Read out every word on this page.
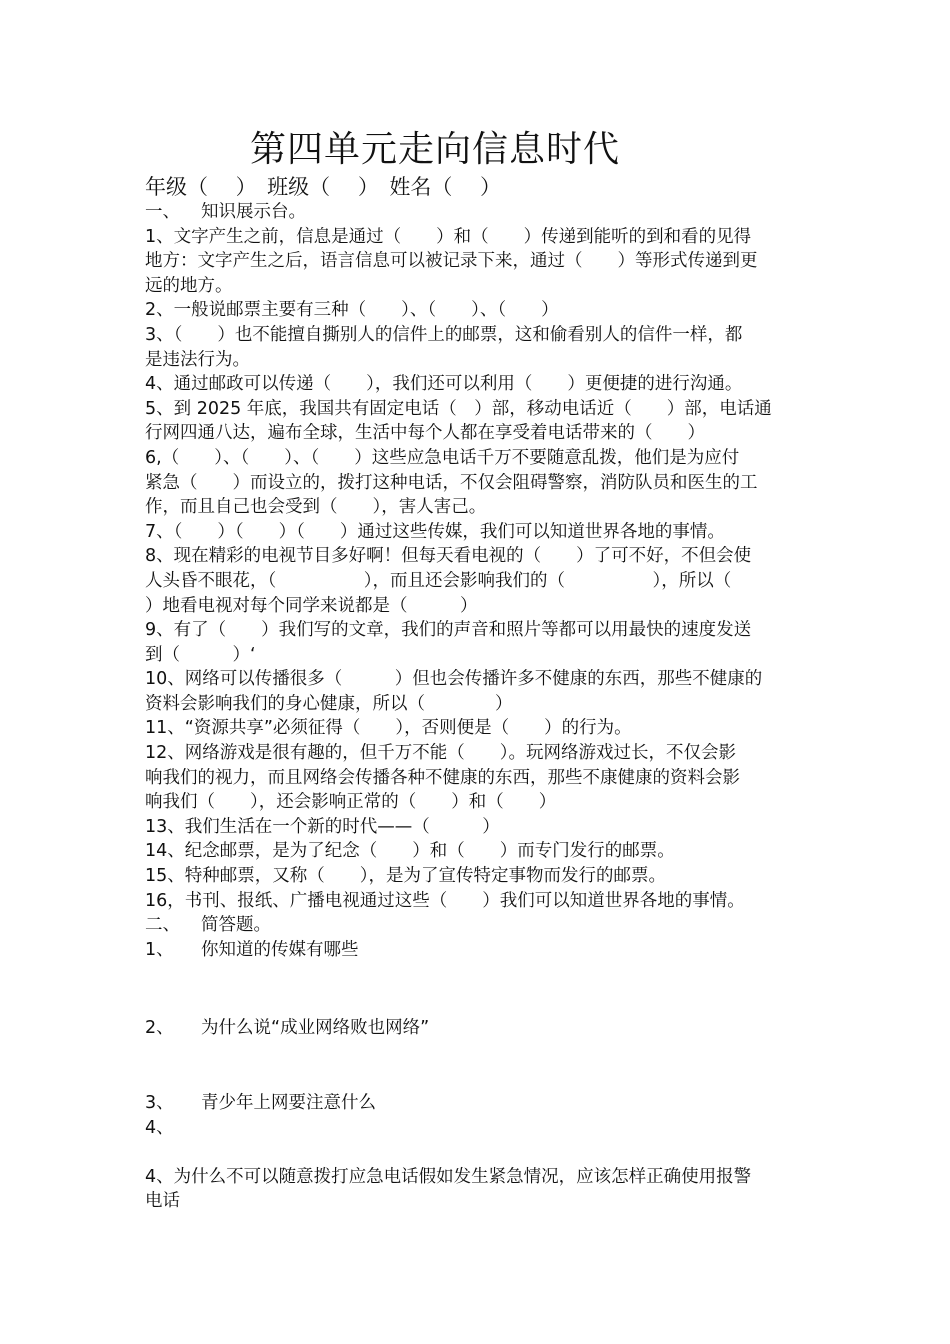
第四单元走向信息时代
年级（　 ）　班级（　 ）　姓名（　 ）
一、 知识展示台。
1、文字产生之前，信息是通过（　　）和（　　）传递到能听的到和看的见得
地方：文字产生之后，语言信息可以被记录下来，通过（　　）等形式传递到更
远的地方。
2、一般说邮票主要有三种（　　）、（　　）、（　　）
3、（　　）也不能擅自撕别人的信件上的邮票，这和偷看别人的信件一样，都
是违法行为。
4、通过邮政可以传递（　　），我们还可以利用（　　）更便捷的进行沟通。
5、到 2025 年底，我国共有固定电话（　）部，移动电话近（　　）部，电话通
行网四通八达，遍布全球，生活中每个人都在享受着电话带来的（　　）
6,（　　）、（　　）、（　　）这些应急电话千万不要随意乱拨，他们是为应付
紧急（　　）而设立的，拨打这种电话，不仅会阻碍警察，消防队员和医生的工
作，而且自己也会受到（　　），害人害己。
7、（　　）（　　）（　　）通过这些传媒，我们可以知道世界各地的事情。
8、现在精彩的电视节目多好啊！但每天看电视的（　　）了可不好，不但会使
人头昏不眼花，（　　　　　），而且还会影响我们的（　　　　　），所以（
）地看电视对每个同学来说都是（　　　）
9、有了（　　）我们写的文章，我们的声音和照片等都可以用最快的速度发送
到（　　　）‘
10、网络可以传播很多（　　　）但也会传播许多不健康的东西，那些不健康的
资料会影响我们的身心健康，所以（　　　　）
11、“资源共享”必须征得（　　），否则便是（　　）的行为。
12、网络游戏是很有趣的，但千万不能（　　）。玩网络游戏过长，不仅会影
响我们的视力，而且网络会传播各种不健康的东西，那些不康健康的资料会影
响我们（　　），还会影响正常的（　　）和（　　）
13、我们生活在一个新的时代——（　　　）
14、纪念邮票，是为了纪念（　　）和（　　）而专门发行的邮票。
15、特种邮票，又称（　　），是为了宣传特定事物而发行的邮票。
16，书刊、报纸、广播电视通过这些（　　）我们可以知道世界各地的事情。
二、 简答题。
1、 你知道的传媒有哪些
2、 为什么说“成业网络败也网络”
3、 青少年上网要注意什么
4、
4、为什么不可以随意拨打应急电话假如发生紧急情况，应该怎样正确使用报警
电话
